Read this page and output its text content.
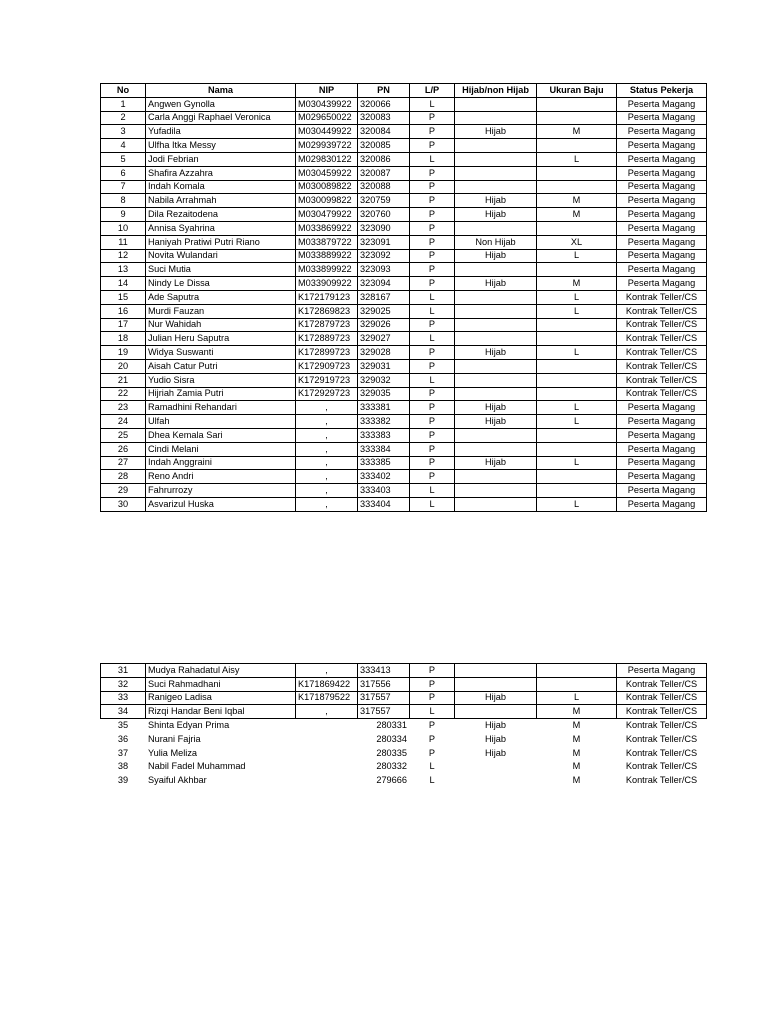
No	Nama	NIP	PN	L/P	Hijab/non Hijab	Ukuran Baju	Status Pekerja
1	Angwen Gynolla	M030439922	320066	L			Peserta Magang
2	Carla Anggi Raphael Veronica	M029650022	320083	P			Peserta Magang
3	Yufadila	M030449922	320084	P	Hijab	M	Peserta Magang
4	Ulfha Itka Messy	M029939722	320085	P			Peserta Magang
5	Jodi Febrian	M029830122	320086	L		L	Peserta Magang
6	Shafira Azzahra	M030459922	320087	P			Peserta Magang
7	Indah Komala	M030089822	320088	P			Peserta Magang
8	Nabila Arrahmah	M030099822	320759	P	Hijab	M	Peserta Magang
9	Dila Rezaitodena	M030479922	320760	P	Hijab	M	Peserta Magang
10	Annisa Syahrina	M033869922	323090	P			Peserta Magang
11	Haniyah Pratiwi Putri Riano	M033879722	323091	P	Non Hijab	XL	Peserta Magang
12	Novita Wulandari	M033889922	323092	P	Hijab	L	Peserta Magang
13	Suci Mutia	M033899922	323093	P			Peserta Magang
14	Nindy Le Dissa	M033909922	323094	P	Hijab	M	Peserta Magang
15	Ade Saputra	K172179123	328167	L		L	Kontrak Teller/CS
16	Murdi Fauzan	K172869823	329025	L		L	Kontrak Teller/CS
17	Nur Wahidah	K172879723	329026	P			Kontrak Teller/CS
18	Julian Heru Saputra	K172889723	329027	L			Kontrak Teller/CS
19	Widya Suswanti	K172899723	329028	P	Hijab	L	Kontrak Teller/CS
20	Aisah Catur Putri	K172909723	329031	P			Kontrak Teller/CS
21	Yudio Sisra	K172919723	329032	L			Kontrak Teller/CS
22	Hijriah Zamia Putri	K172929723	329035	P			Kontrak Teller/CS
23	Ramadhini Rehandari	,	333381	P	Hijab	L	Peserta Magang
24	Ulfah	,	333382	P	Hijab	L	Peserta Magang
25	Dhea Kemala Sari	,	333383	P			Peserta Magang
26	Cindi Melani	,	333384	P			Peserta Magang
27	Indah Anggraini	,	333385	P	Hijab	L	Peserta Magang
28	Reno Andri	,	333402	P			Peserta Magang
29	Fahrurrozy	,	333403	L			Peserta Magang
30	Asvarizul Huska	,	333404	L		L	Peserta Magang
31	Mudya Rahadatul Aisy	,	333413	P			Peserta Magang
32	Suci Rahmadhani	K171869422	317556	P			Kontrak Teller/CS
33	Ranigeo Ladisa	K171879522	317557	P	Hijab	L	Kontrak Teller/CS
34	Rizqi Handar Beni Iqbal	,	317557	L		M	Kontrak Teller/CS
35	Shinta Edyan Prima		280331	P	Hijab	M	Kontrak Teller/CS
36	Nurani Fajria		280334	P	Hijab	M	Kontrak Teller/CS
37	Yulia Meliza		280335	P	Hijab	M	Kontrak Teller/CS
38	Nabil Fadel Muhammad		280332	L		M	Kontrak Teller/CS
39	Syaiful Akhbar		279666	L		M	Kontrak Teller/CS
